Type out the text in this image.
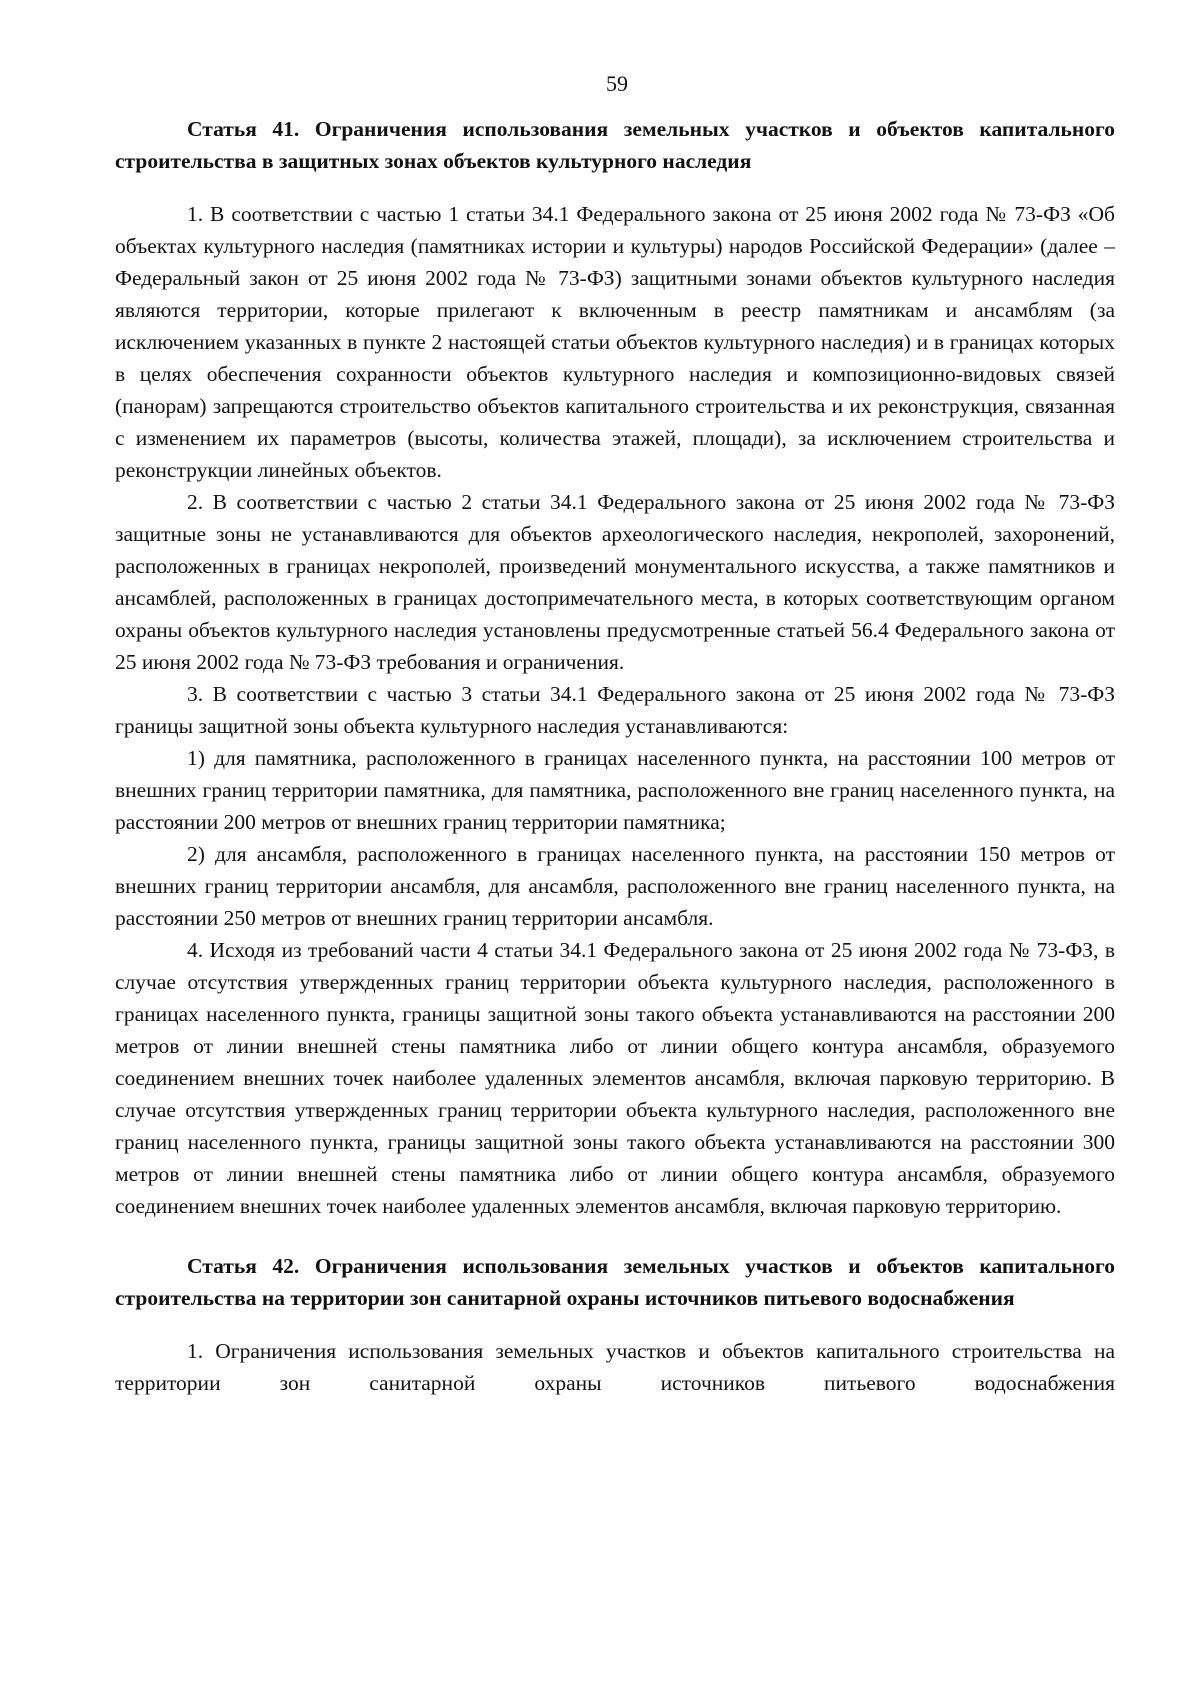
59
Статья 41. Ограничения использования земельных участков и объектов капитального строительства в защитных зонах объектов культурного наследия

1. В соответствии с частью 1 статьи 34.1 Федерального закона от 25 июня 2002 года № 73-ФЗ «Об объектах культурного наследия (памятниках истории и культуры) народов Российской Федерации» (далее – Федеральный закон от 25 июня 2002 года № 73-ФЗ) защитными зонами объектов культурного наследия являются территории, которые прилегают к включенным в реестр памятникам и ансамблям (за исключением указанных в пункте 2 настоящей статьи объектов культурного наследия) и в границах которых в целях обеспечения сохранности объектов культурного наследия и композиционно-видовых связей (панорам) запрещаются строительство объектов капитального строительства и их реконструкция, связанная с изменением их параметров (высоты, количества этажей, площади), за исключением строительства и реконструкции линейных объектов.

2. В соответствии с частью 2 статьи 34.1 Федерального закона от 25 июня 2002 года № 73-ФЗ защитные зоны не устанавливаются для объектов археологического наследия, некрополей, захоронений, расположенных в границах некрополей, произведений монументального искусства, а также памятников и ансамблей, расположенных в границах достопримечательного места, в которых соответствующим органом охраны объектов культурного наследия установлены предусмотренные статьей 56.4 Федерального закона от 25 июня 2002 года № 73-ФЗ требования и ограничения.

3. В соответствии с частью 3 статьи 34.1 Федерального закона от 25 июня 2002 года № 73-ФЗ границы защитной зоны объекта культурного наследия устанавливаются:

1) для памятника, расположенного в границах населенного пункта, на расстоянии 100 метров от внешних границ территории памятника, для памятника, расположенного вне границ населенного пункта, на расстоянии 200 метров от внешних границ территории памятника;

2) для ансамбля, расположенного в границах населенного пункта, на расстоянии 150 метров от внешних границ территории ансамбля, для ансамбля, расположенного вне границ населенного пункта, на расстоянии 250 метров от внешних границ территории ансамбля.

4. Исходя из требований части 4 статьи 34.1 Федерального закона от 25 июня 2002 года № 73-ФЗ, в случае отсутствия утвержденных границ территории объекта культурного наследия, расположенного в границах населенного пункта, границы защитной зоны такого объекта устанавливаются на расстоянии 200 метров от линии внешней стены памятника либо от линии общего контура ансамбля, образуемого соединением внешних точек наиболее удаленных элементов ансамбля, включая парковую территорию. В случае отсутствия утвержденных границ территории объекта культурного наследия, расположенного вне границ населенного пункта, границы защитной зоны такого объекта устанавливаются на расстоянии 300 метров от линии внешней стены памятника либо от линии общего контура ансамбля, образуемого соединением внешних точек наиболее удаленных элементов ансамбля, включая парковую территорию.

Статья 42. Ограничения использования земельных участков и объектов капитального строительства на территории зон санитарной охраны источников питьевого водоснабжения

1. Ограничения использования земельных участков и объектов капитального строительства на территории зон санитарной охраны источников питьевого водоснабжения
